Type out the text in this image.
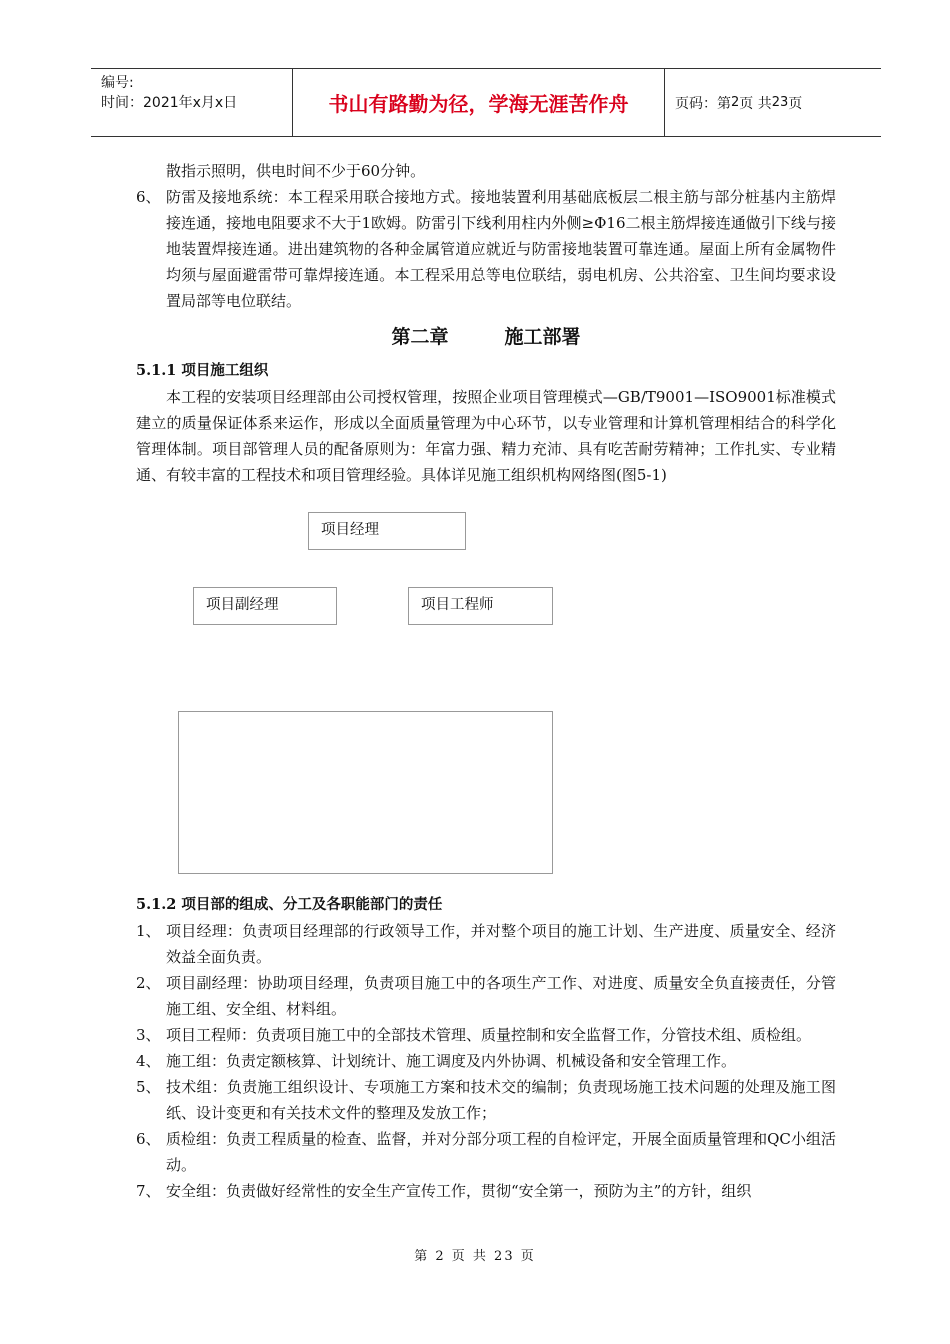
编号:
时间：2021年x月x日	书山有路勤为径，学海无涯苦作舟	页码：第 2 页 共 23 页
散指示照明，供电时间不少于60分钟。
6、 防雷及接地系统：本工程采用联合接地方式。接地装置利用基础底板层二根主筋与部分桩基内主筋焊接连通，接地电阻要求不大于1欧姆。防雷引下线利用柱内外侧≥Φ16二根主筋焊接连通做引下线与接地装置焊接连通。进出建筑物的各种金属管道应就近与防雷接地装置可靠连通。屋面上所有金属物件均须与屋面避雷带可靠焊接连通。本工程采用总等电位联结，弱电机房、公共浴室、卫生间均要求设置局部等电位联结。
第二章	施工部署
5.1.1 项目施工组织
本工程的安装项目经理部由公司授权管理，按照企业项目管理模式—GB/T9001—ISO9001标准模式建立的质量保证体系来运作，形成以全面质量管理为中心环节，以专业管理和计算机管理相结合的科学化管理体制。项目部管理人员的配备原则为：年富力强、精力充沛、具有吃苦耐劳精神；工作扎实、专业精通、有较丰富的工程技术和项目管理经验。具体详见施工组织机构网络图(图5-1)
项目经理
项目副经理	项目工程师
5.1.2 项目部的组成、分工及各职能部门的责任
1、 项目经理：负责项目经理部的行政领导工作，并对整个项目的施工计划、生产进度、质量安全、经济效益全面负责。
2、 项目副经理：协助项目经理，负责项目施工中的各项生产工作、对进度、质量安全负直接责任，分管施工组、安全组、材料组。
3、 项目工程师：负责项目施工中的全部技术管理、质量控制和安全监督工作，分管技术组、质检组。
4、 施工组：负责定额核算、计划统计、施工调度及内外协调、机械设备和安全管理工作。
5、 技术组：负责施工组织设计、专项施工方案和技术交的编制；负责现场施工技术问题的处理及施工图纸、设计变更和有关技术文件的整理及发放工作；
6、 质检组：负责工程质量的检查、监督，并对分部分项工程的自检评定，开展全面质量管理和QC小组活动。
7、 安全组：负责做好经常性的安全生产宣传工作，贯彻“安全第一，预防为主”的方针，组织
第 2 页 共 23 页
